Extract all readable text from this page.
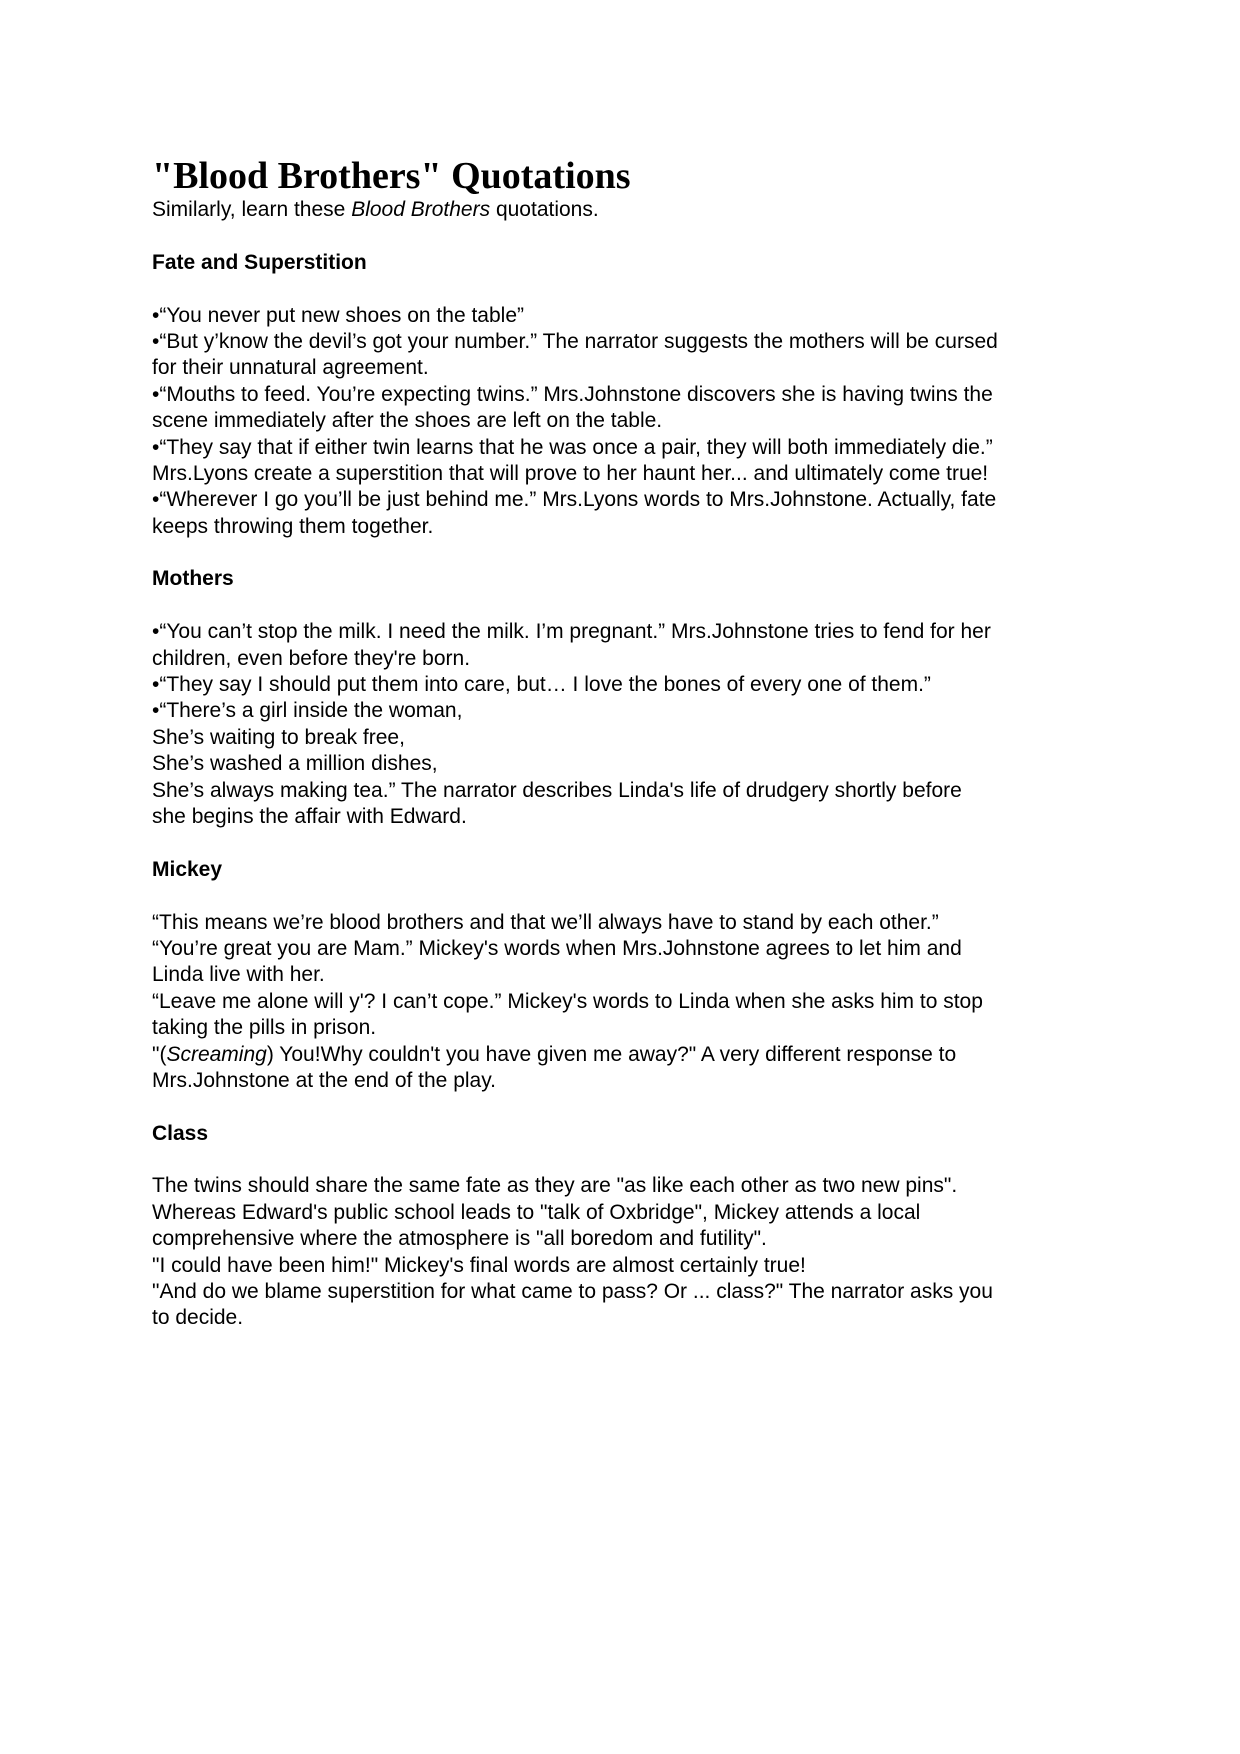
"Blood Brothers" Quotations
Similarly, learn these Blood Brothers quotations.
Fate and Superstition
•“You never put new shoes on the table”
•“But y’know the devil’s got your number.” The narrator suggests the mothers will be cursed
for their unnatural agreement.
•“Mouths to feed. You’re expecting twins.” Mrs.Johnstone discovers she is having twins the
scene immediately after the shoes are left on the table.
•“They say that if either twin learns that he was once a pair, they will both immediately die.”
Mrs.Lyons create a superstition that will prove to her haunt her... and ultimately come true!
•“Wherever I go you’ll be just behind me.” Mrs.Lyons words to Mrs.Johnstone. Actually, fate
keeps throwing them together.
Mothers
•“You can’t stop the milk. I need the milk. I’m pregnant.” Mrs.Johnstone tries to fend for her
children, even before they're born.
•“They say I should put them into care, but… I love the bones of every one of them.”
•“There’s a girl inside the woman,
She’s waiting to break free,
She’s washed a million dishes,
She’s always making tea.” The narrator describes Linda's life of drudgery shortly before
she begins the affair with Edward.
Mickey
“This means we’re blood brothers and that we’ll always have to stand by each other.”
“You’re great you are Mam.” Mickey's words when Mrs.Johnstone agrees to let him and
Linda live with her.
“Leave me alone will y'? I can’t cope.” Mickey's words to Linda when she asks him to stop
taking the pills in prison.
"(Screaming) You!Why couldn't you have given me away?" A very different response to
Mrs.Johnstone at the end of the play.
Class
The twins should share the same fate as they are "as like each other as two new pins".
Whereas Edward's public school leads to "talk of Oxbridge", Mickey attends a local
comprehensive where the atmosphere is "all boredom and futility".
"I could have been him!" Mickey's final words are almost certainly true!
"And do we blame superstition for what came to pass? Or ... class?" The narrator asks you
to decide.
